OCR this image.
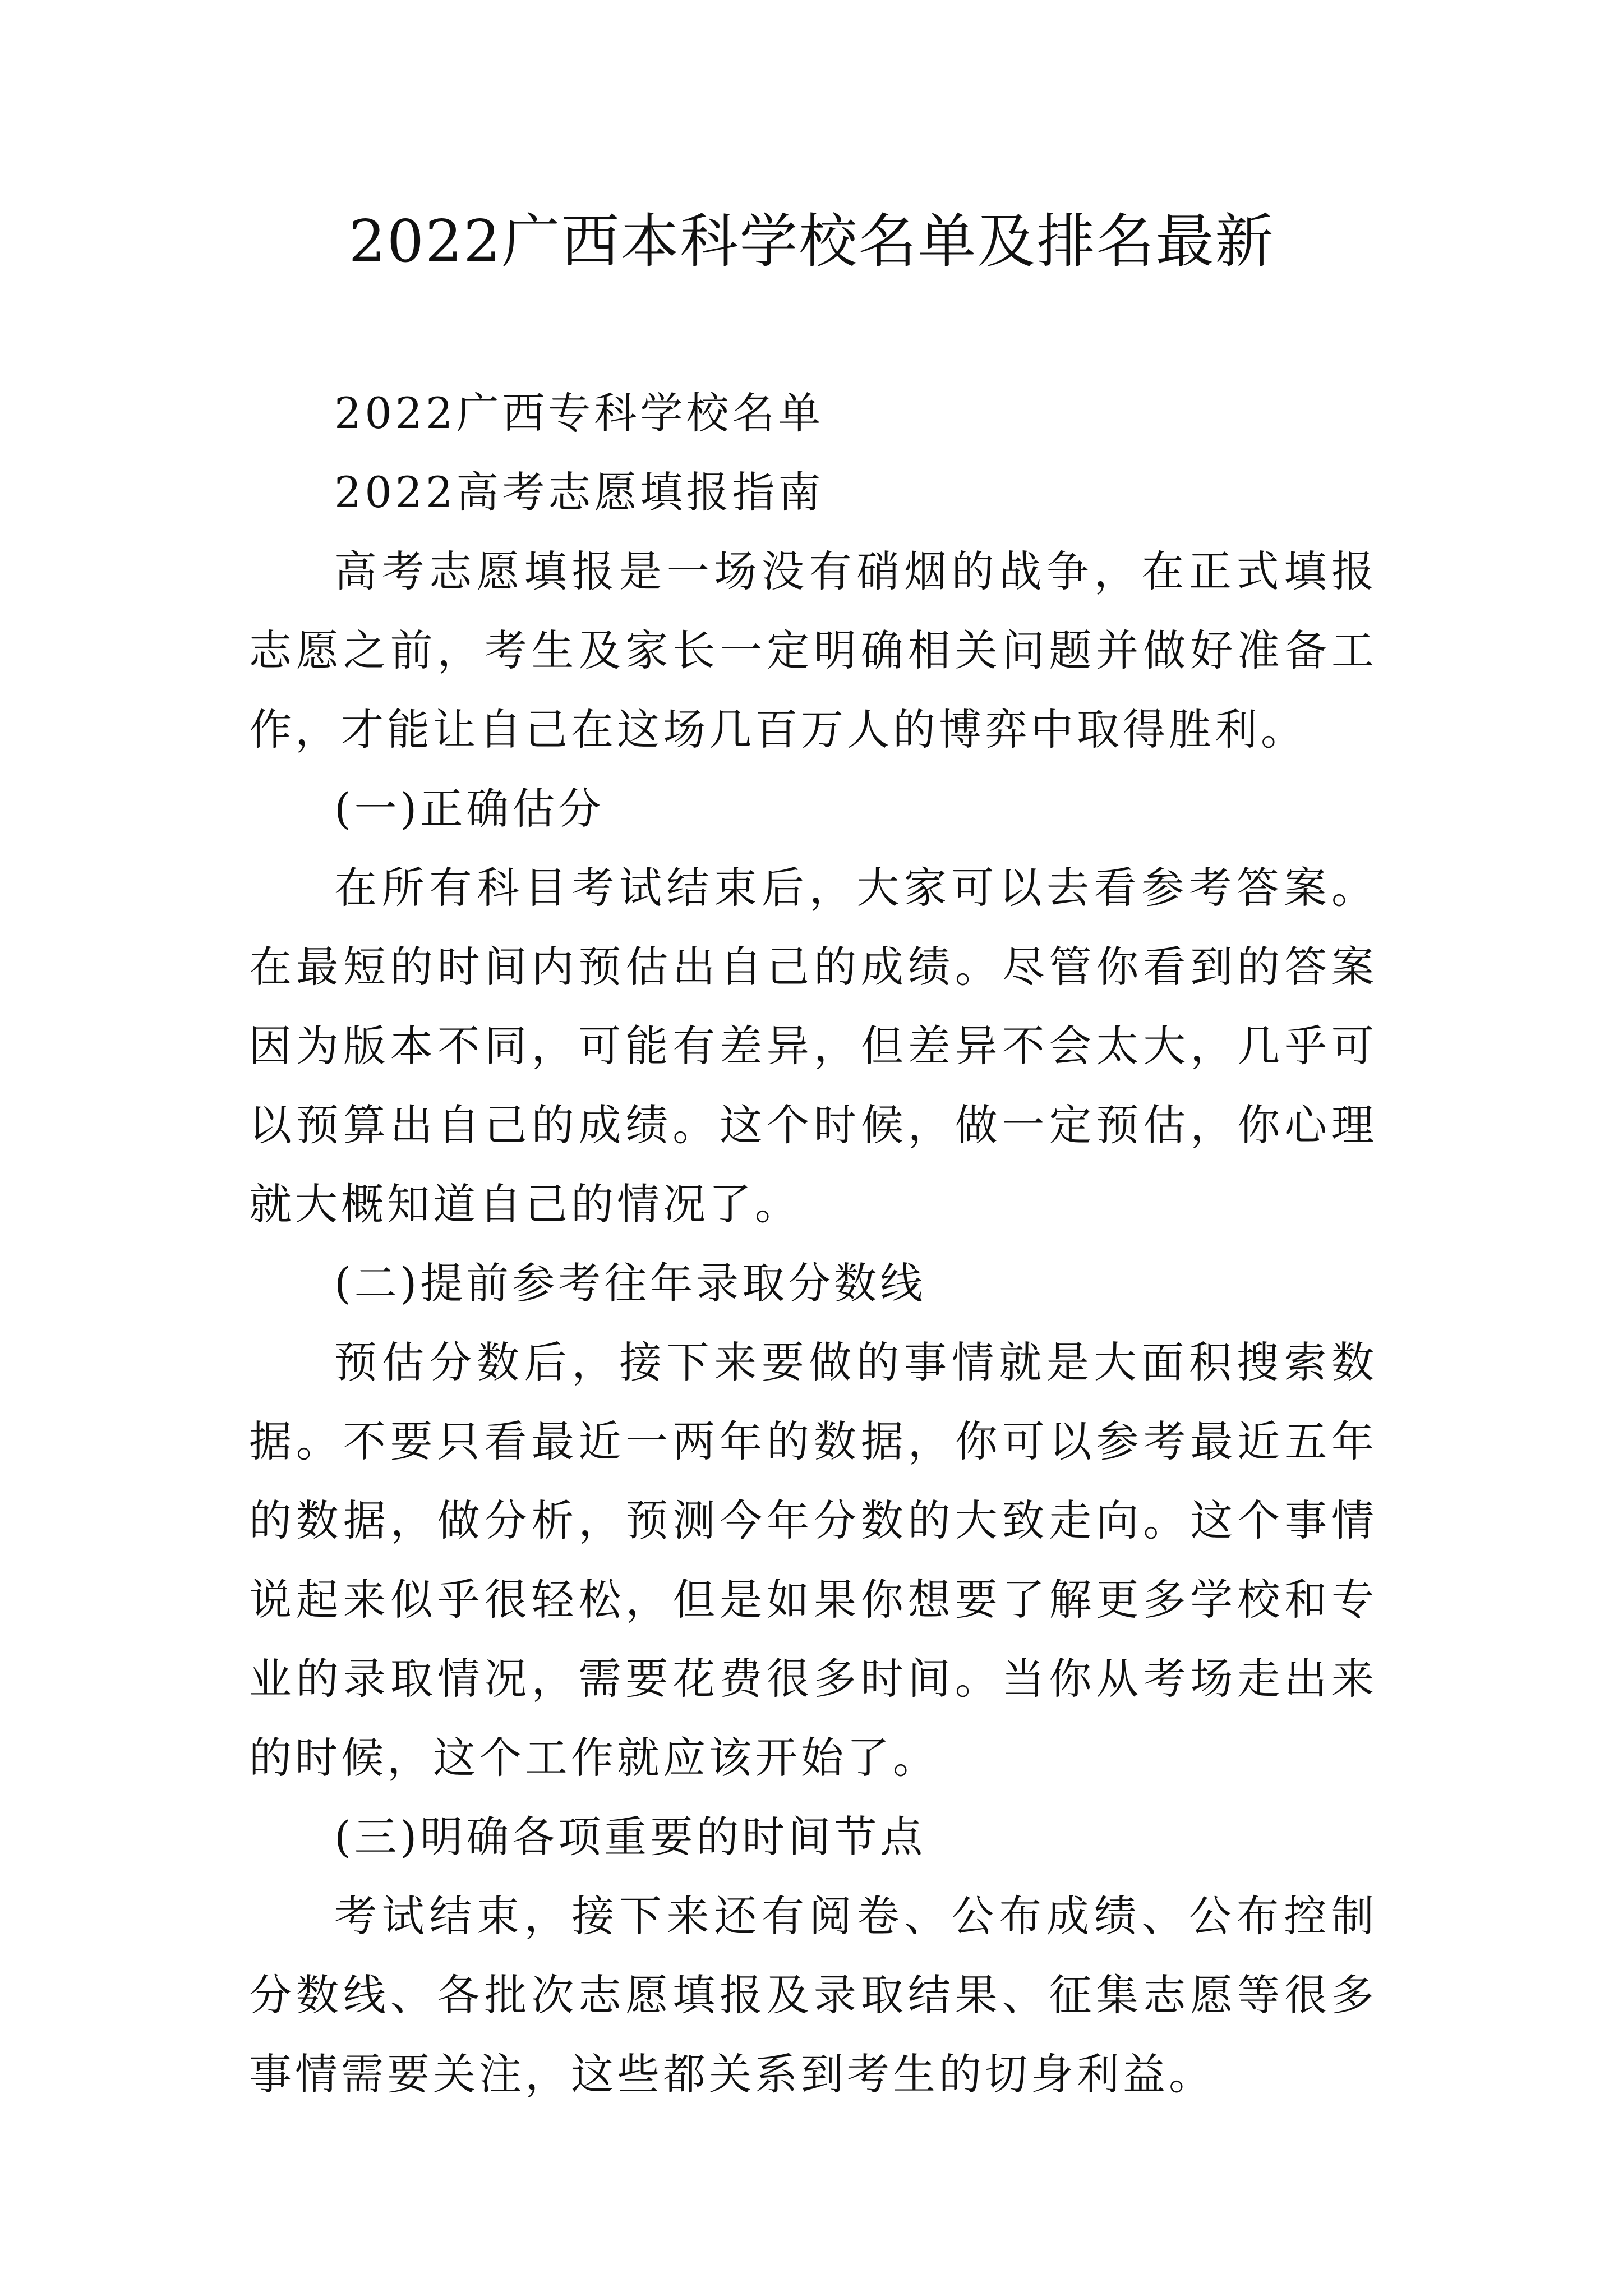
2022广西本科学校名单及排名最新

2022广西专科学校名单

2022高考志愿填报指南

高考志愿填报是一场没有硝烟的战争，在正式填报志愿之前，考生及家长一定明确相关问题并做好准备工作，才能让自己在这场几百万人的博弈中取得胜利。

(一)正确估分

在所有科目考试结束后，大家可以去看参考答案。在最短的时间内预估出自己的成绩。尽管你看到的答案因为版本不同，可能有差异，但差异不会太大，几乎可以预算出自己的成绩。这个时候，做一定预估，你心理就大概知道自己的情况了。

(二)提前参考往年录取分数线

预估分数后，接下来要做的事情就是大面积搜索数据。不要只看最近一两年的数据，你可以参考最近五年的数据，做分析，预测今年分数的大致走向。这个事情说起来似乎很轻松，但是如果你想要了解更多学校和专业的录取情况，需要花费很多时间。当你从考场走出来的时候，这个工作就应该开始了。

(三)明确各项重要的时间节点

考试结束，接下来还有阅卷、公布成绩、公布控制分数线、各批次志愿填报及录取结果、征集志愿等很多事情需要关注，这些都关系到考生的切身利益。
